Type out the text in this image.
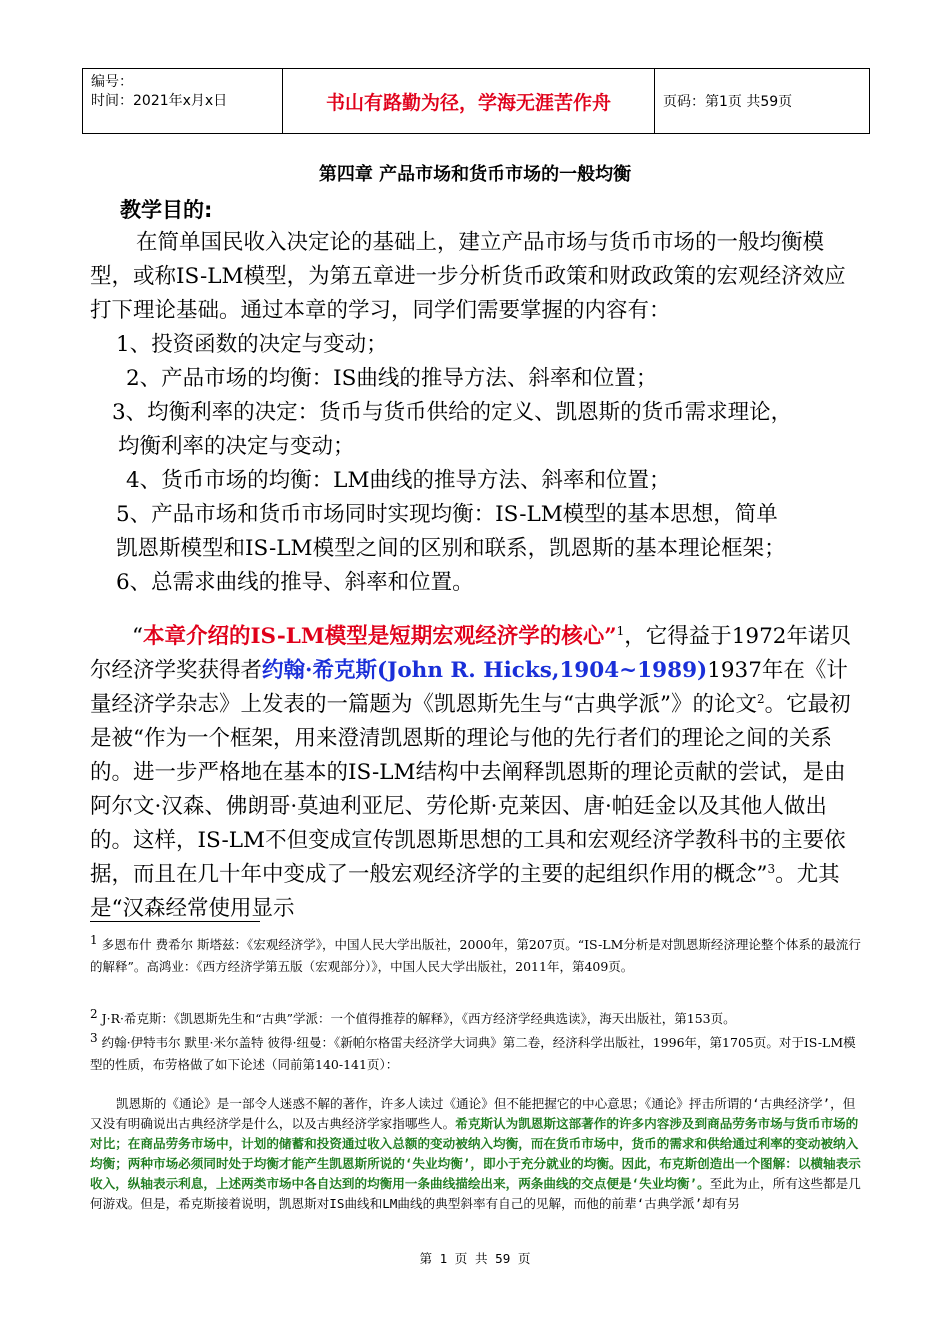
编号：
时间：2021年x月x日	书山有路勤为径，学海无涯苦作舟	页码：第1页 共59页
第四章 产品市场和货币市场的一般均衡
教学目的:
在简单国民收入决定论的基础上，建立产品市场与货币市场的一般均衡模型，或称IS-LM模型，为第五章进一步分析货币政策和财政政策的宏观经济效应打下理论基础。通过本章的学习，同学们需要掌握的内容有：
1、投资函数的决定与变动；
2、产品市场的均衡：IS曲线的推导方法、斜率和位置；
3、均衡利率的决定：货币与货币供给的定义、凯恩斯的货币需求理论，
均衡利率的决定与变动；
4、货币市场的均衡：LM曲线的推导方法、斜率和位置；
5、产品市场和货币市场同时实现均衡：IS-LM模型的基本思想，简单
凯恩斯模型和IS-LM模型之间的区别和联系，凯恩斯的基本理论框架；
6、总需求曲线的推导、斜率和位置。
“本章介绍的IS-LM模型是短期宏观经济学的核心”$^1$，它得益于1972年诺贝尔经济学奖获得者约翰·希克斯(John R. Hicks,1904~1989)1937年在《计量经济学杂志》上发表的一篇题为《凯恩斯先生与“古典学派”》的论文$^2$。它最初是被“作为一个框架，用来澄清凯恩斯的理论与他的先行者们的理论之间的关系的。进一步严格地在基本的IS-LM结构中去阐释凯恩斯的理论贡献的尝试，是由阿尔文·汉森、佛朗哥·莫迪利亚尼、劳伦斯·克莱因、唐·帕廷金以及其他人做出的。这样，IS-LM不但变成宣传凯恩斯思想的工具和宏观经济学教科书的主要依据，而且在几十年中变成了一般宏观经济学的主要的起组织作用的概念”$^3$。尤其是“汉森经常使用显示
$^1$ 多恩布什 费希尔 斯塔兹：《宏观经济学》，中国人民大学出版社，2000年，第207页。“IS-LM分析是对凯恩斯经济理论整个体系的最流行的解释”。高鸿业：《西方经济学第五版（宏观部分）》，中国人民大学出版社，2011年，第409页。
$^2$ J·R·希克斯：《凯恩斯先生和“古典”学派：一个值得推荐的解释》，《西方经济学经典选读》，海天出版社，第153页。
$^3$ 约翰·伊特韦尔 默里·米尔盖特 彼得·纽曼：《新帕尔格雷夫经济学大词典》第二卷，经济科学出版社，1996年，第1705页。对于IS-LM模型的性质，布劳格做了如下论述（同前第140-141页）：
凯恩斯的《通论》是一部令人迷惑不解的著作，许多人读过《通论》但不能把握它的中心意思；《通论》抨击所谓的‘古典经济学’，但又没有明确说出古典经济学是什么，以及古典经济学家指哪些人。希克斯认为凯恩斯这部著作的许多内容涉及到商品劳务市场与货币市场的对比；在商品劳务市场中，计划的储蓄和投资通过收入总额的变动被纳入均衡，而在货币市场中，货币的需求和供给通过利率的变动被纳入均衡；两种市场必须同时处于均衡才能产生凯恩斯所说的‘失业均衡’，即小于充分就业的均衡。因此，布克斯创造出一个图解：以横轴表示收入，纵轴表示利息，上述两类市场中各自达到的均衡用一条曲线描绘出来，两条曲线的交点便是‘失业均衡’。至此为止，所有这些都是几何游戏。但是，希克斯接着说明，凯恩斯对IS曲线和LM曲线的典型斜率有自己的见解，而他的前辈‘古典学派’却有另
第 1 页 共 59 页
